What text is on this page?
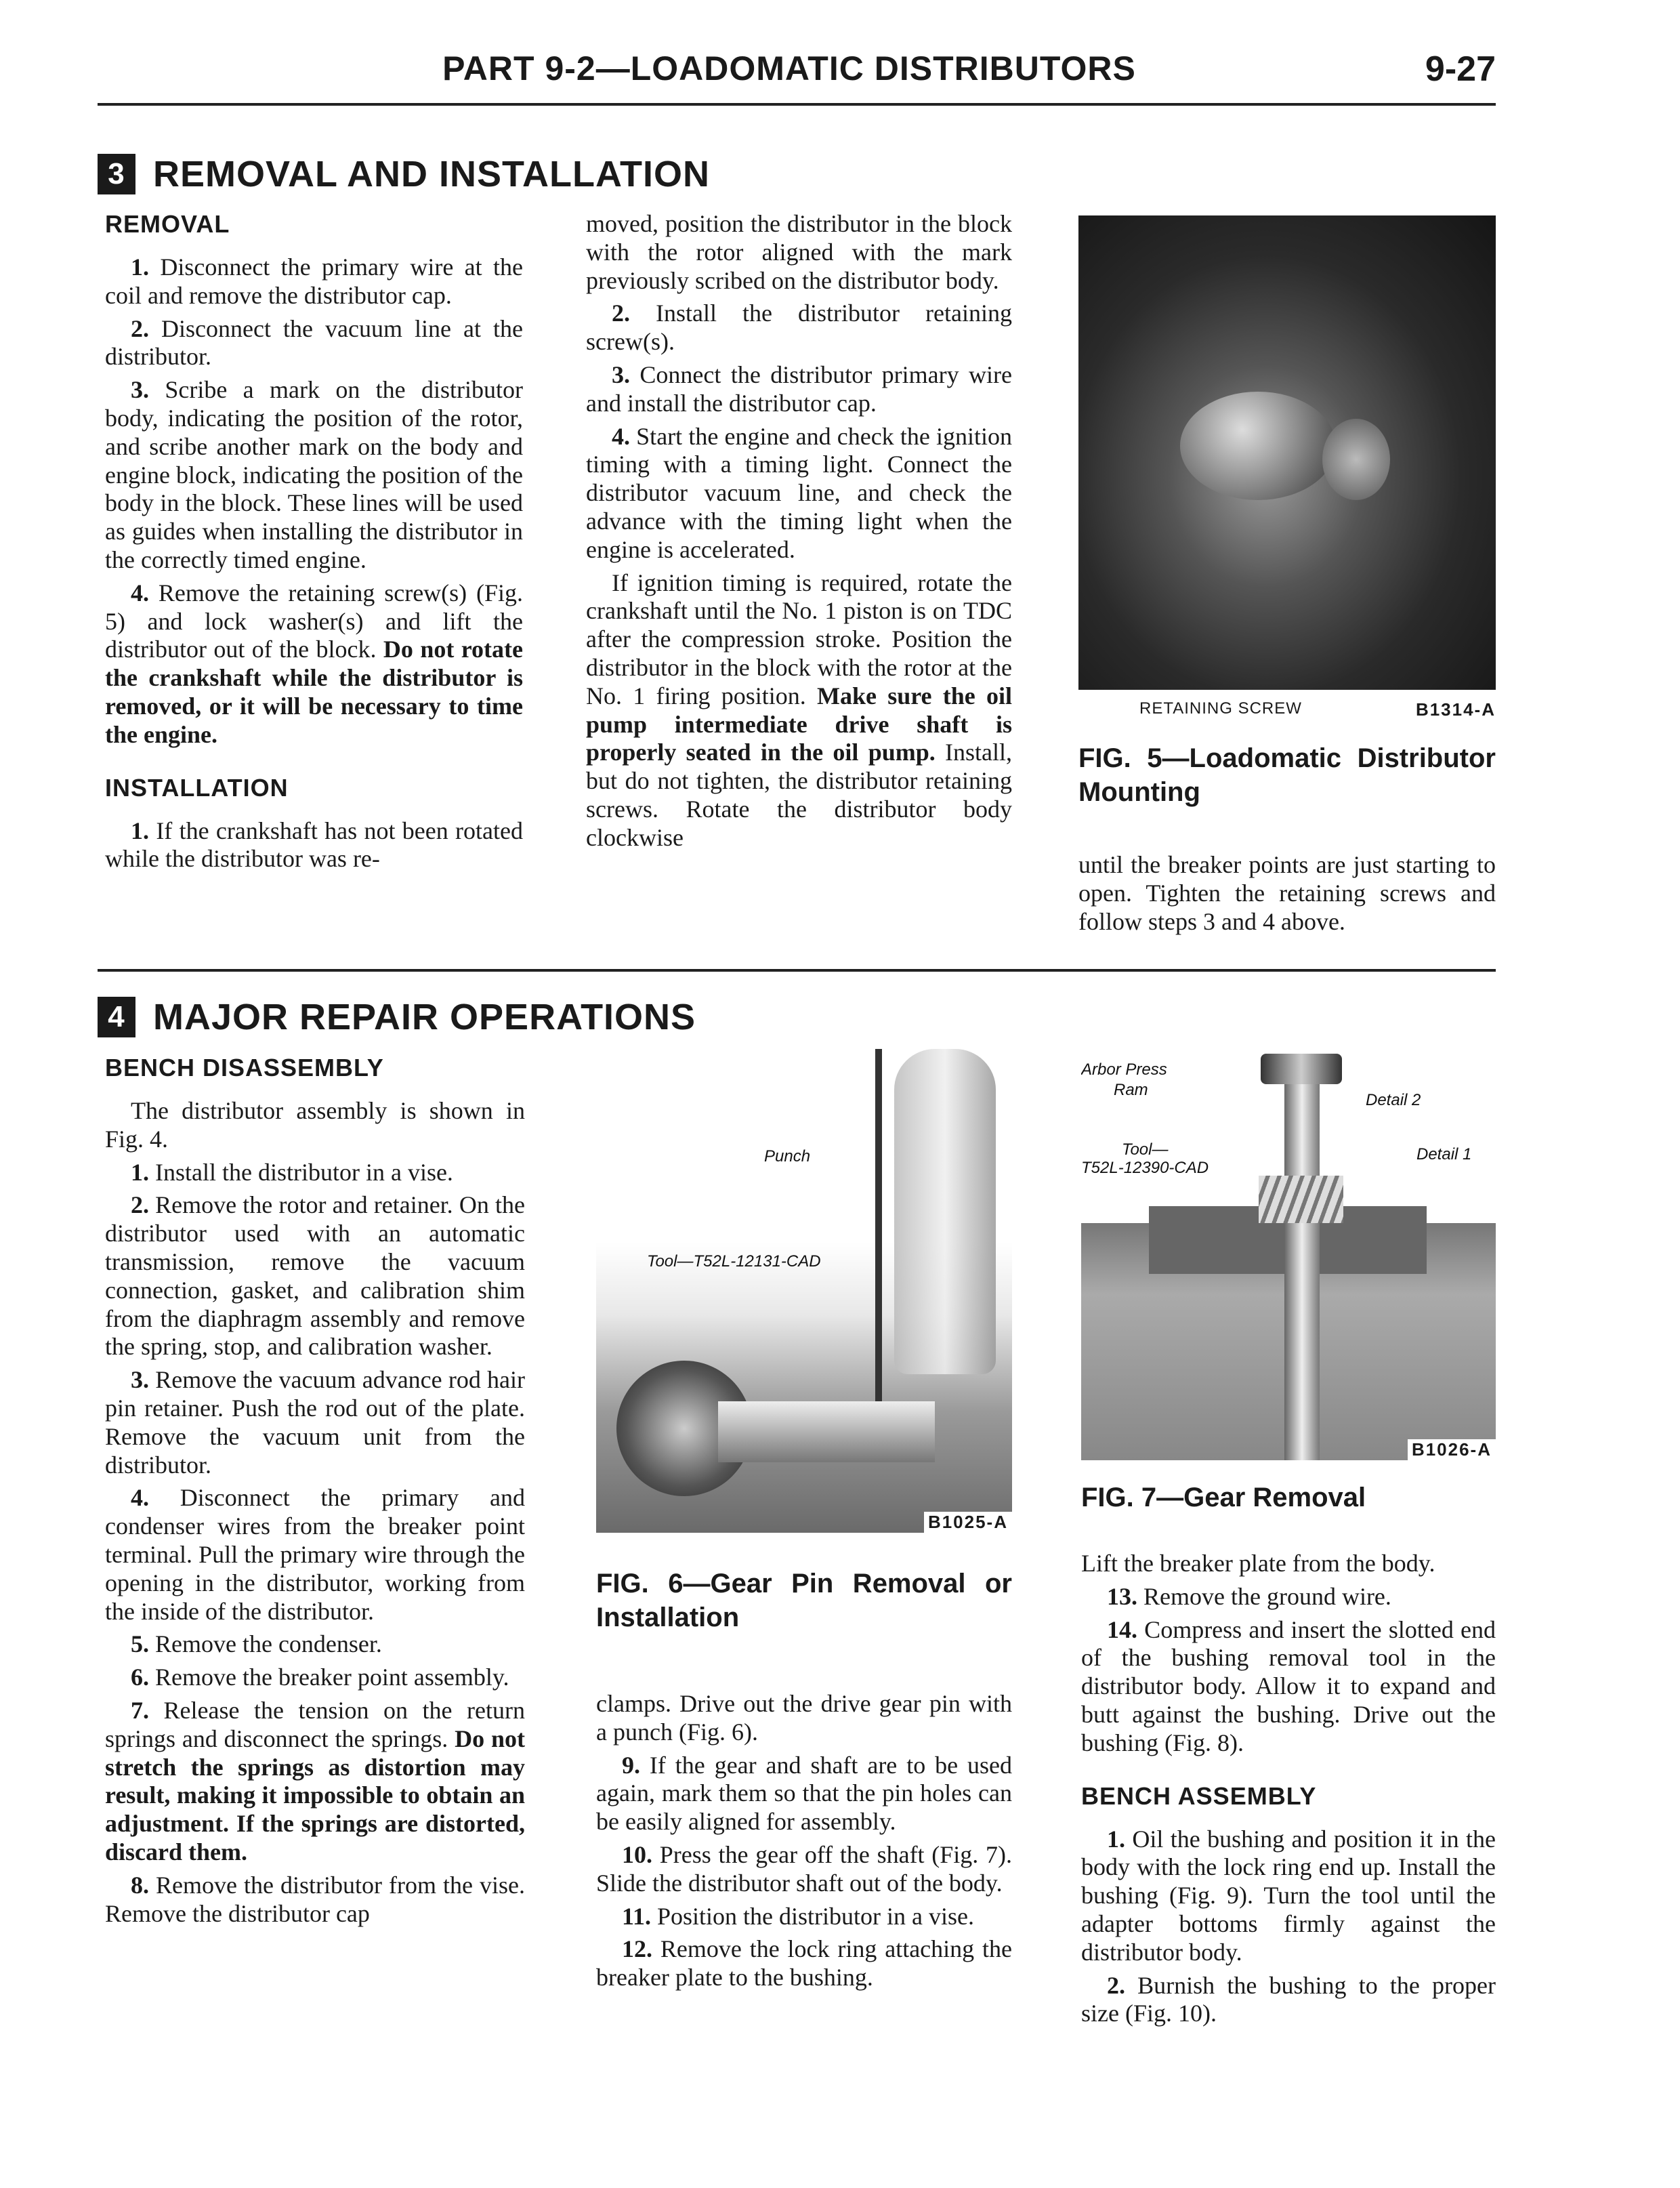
PART 9-2—LOADOMATIC DISTRIBUTORS	9-27
3 REMOVAL AND INSTALLATION
REMOVAL

1. Disconnect the primary wire at the coil and remove the distributor cap.

2. Disconnect the vacuum line at the distributor.

3. Scribe a mark on the distributor body, indicating the position of the rotor, and scribe another mark on the body and engine block, indicating the position of the body in the block. These lines will be used as guides when installing the distributor in the correctly timed engine.

4. Remove the retaining screw(s) (Fig. 5) and lock washer(s) and lift the distributor out of the block. Do not rotate the crankshaft while the distributor is removed, or it will be necessary to time the engine.

INSTALLATION

1. If the crankshaft has not been rotated while the distributor was re-

moved, position the distributor in the block with the rotor aligned with the mark previously scribed on the distributor body.

2. Install the distributor retaining screw(s).

3. Connect the distributor primary wire and install the distributor cap.

4. Start the engine and check the ignition timing with a timing light. Connect the distributor vacuum line, and check the advance with the timing light when the engine is accelerated.

If ignition timing is required, rotate the crankshaft until the No. 1 piston is on TDC after the compression stroke. Position the distributor in the block with the rotor at the No. 1 firing position. Make sure the oil pump intermediate drive shaft is properly seated in the oil pump. Install, but do not tighten, the distributor retaining screws. Rotate the distributor body clockwise

RETAINING SCREW	B1314-A

FIG. 5—Loadomatic Distributor Mounting

until the breaker points are just starting to open. Tighten the retaining screws and follow steps 3 and 4 above.

4 MAJOR REPAIR OPERATIONS
BENCH DISASSEMBLY

The distributor assembly is shown in Fig. 4.

1. Install the distributor in a vise.

2. Remove the rotor and retainer. On the distributor used with an automatic transmission, remove the vacuum connection, gasket, and calibration shim from the diaphragm assembly and remove the spring, stop, and calibration washer.

3. Remove the vacuum advance rod hair pin retainer. Push the rod out of the plate. Remove the vacuum unit from the distributor.

4. Disconnect the primary and condenser wires from the breaker point terminal. Pull the primary wire through the opening in the distributor, working from the inside of the distributor.

5. Remove the condenser.

6. Remove the breaker point assembly.

7. Release the tension on the return springs and disconnect the springs. Do not stretch the springs as distortion may result, making it impossible to obtain an adjustment. If the springs are distorted, discard them.

8. Remove the distributor from the vise. Remove the distributor cap

Punch
Tool—T52L-12131-CAD
B1025-A

FIG. 6—Gear Pin Removal or Installation

clamps. Drive out the drive gear pin with a punch (Fig. 6).

9. If the gear and shaft are to be used again, mark them so that the pin holes can be easily aligned for assembly.

10. Press the gear off the shaft (Fig. 7). Slide the distributor shaft out of the body.

11. Position the distributor in a vise.

12. Remove the lock ring attaching the breaker plate to the bushing.

Arbor Press
Ram
Detail 2
Tool—
T52L-12390-CAD
Detail 1
B1026-A

FIG. 7—Gear Removal

Lift the breaker plate from the body.

13. Remove the ground wire.

14. Compress and insert the slotted end of the bushing removal tool in the distributor body. Allow it to expand and butt against the bushing. Drive out the bushing (Fig. 8).

BENCH ASSEMBLY

1. Oil the bushing and position it in the body with the lock ring end up. Install the bushing (Fig. 9). Turn the tool until the adapter bottoms firmly against the distributor body.

2. Burnish the bushing to the proper size (Fig. 10).
